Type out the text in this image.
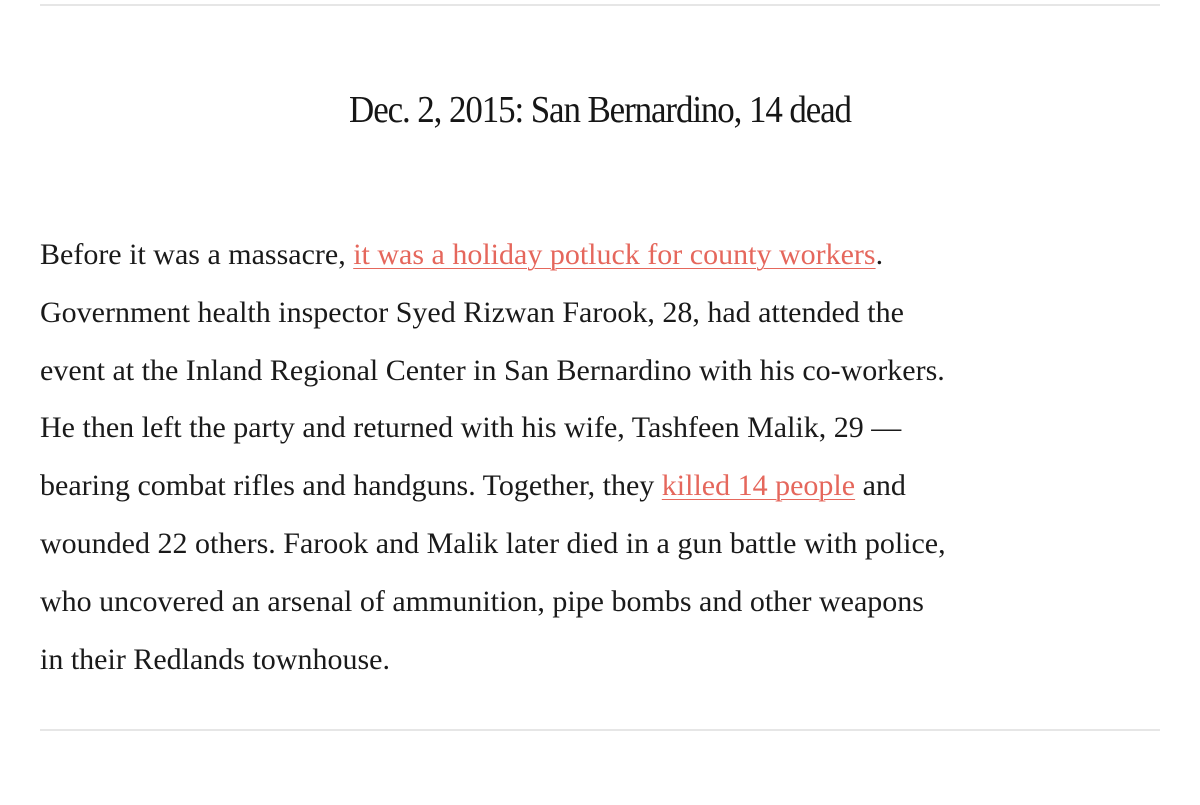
Dec. 2, 2015: San Bernardino, 14 dead

Before it was a massacre, it was a holiday potluck for county workers.
Government health inspector Syed Rizwan Farook, 28, had attended the
event at the Inland Regional Center in San Bernardino with his co-workers.
He then left the party and returned with his wife, Tashfeen Malik, 29 —
bearing combat rifles and handguns. Together, they killed 14 people and
wounded 22 others. Farook and Malik later died in a gun battle with police,
who uncovered an arsenal of ammunition, pipe bombs and other weapons
in their Redlands townhouse.
